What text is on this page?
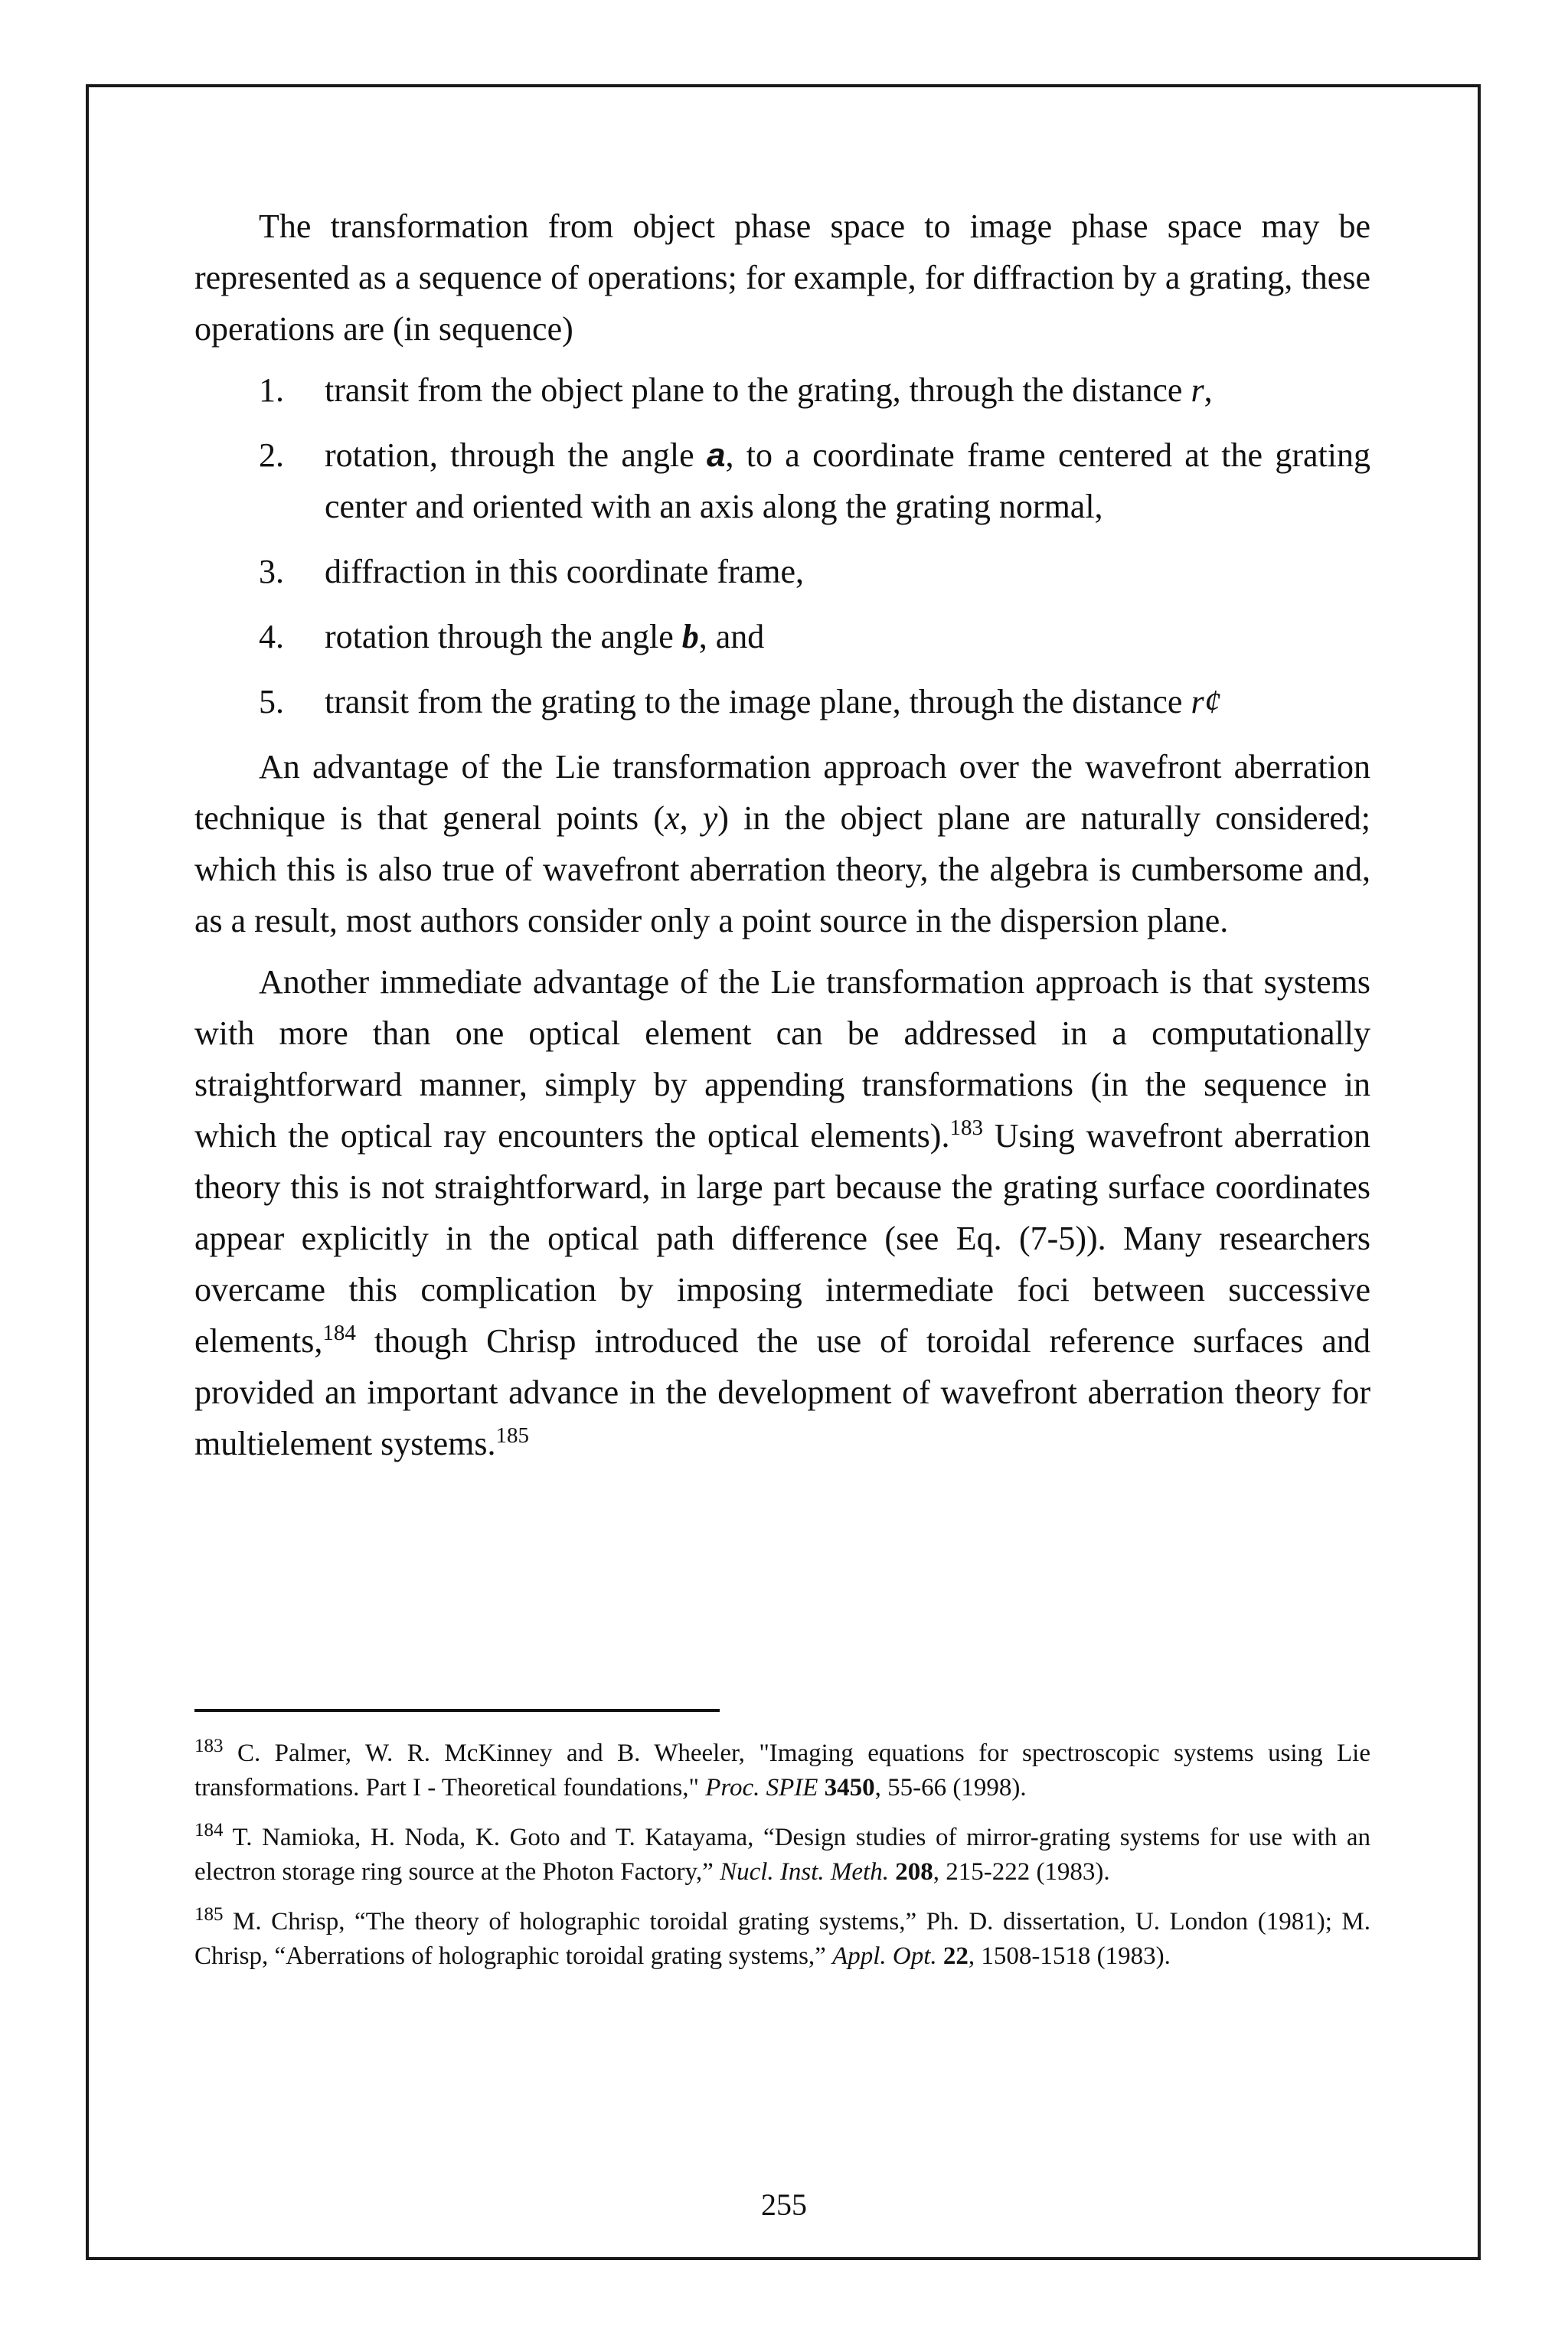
The transformation from object phase space to image phase space may be represented as a sequence of operations; for example, for diffraction by a grating, these operations are (in sequence)

1. transit from the object plane to the grating, through the distance r,
2. rotation, through the angle a, to a coordinate frame centered at the grating center and oriented with an axis along the grating normal,
3. diffraction in this coordinate frame,
4. rotation through the angle b, and
5. transit from the grating to the image plane, through the distance r¢

An advantage of the Lie transformation approach over the wavefront aberration technique is that general points (x, y) in the object plane are naturally considered; which this is also true of wavefront aberration theory, the algebra is cumbersome and, as a result, most authors consider only a point source in the dispersion plane.

Another immediate advantage of the Lie transformation approach is that systems with more than one optical element can be addressed in a computationally straightforward manner, simply by appending transformations (in the sequence in which the optical ray encounters the optical elements).$^{183}$ Using wavefront aberration theory this is not straightforward, in large part because the grating surface coordinates appear explicitly in the optical path difference (see Eq. (7-5)). Many researchers overcame this complication by imposing intermediate foci between successive elements,$^{184}$ though Chrisp introduced the use of toroidal reference surfaces and provided an important advance in the development of wavefront aberration theory for multielement systems.$^{185}$

$^{183}$ C. Palmer, W. R. McKinney and B. Wheeler, "Imaging equations for spectroscopic systems using Lie transformations. Part I - Theoretical foundations," Proc. SPIE 3450, 55-66 (1998).

$^{184}$ T. Namioka, H. Noda, K. Goto and T. Katayama, “Design studies of mirror-grating systems for use with an electron storage ring source at the Photon Factory,” Nucl. Inst. Meth. 208, 215-222 (1983).

$^{185}$ M. Chrisp, “The theory of holographic toroidal grating systems,” Ph. D. dissertation, U. London (1981); M. Chrisp, “Aberrations of holographic toroidal grating systems,” Appl. Opt. 22, 1508-1518 (1983).

255
